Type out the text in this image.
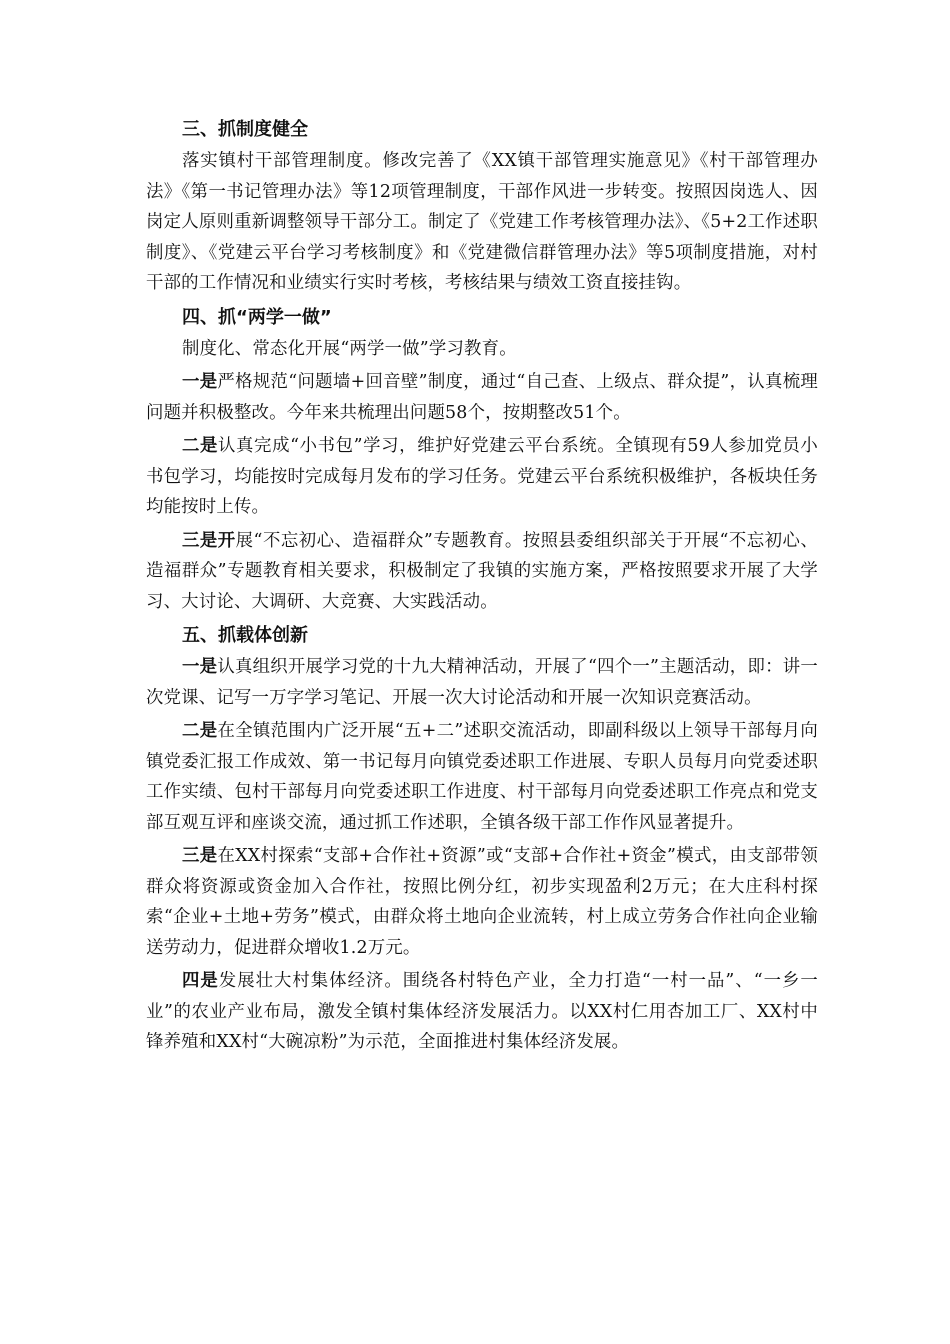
三、抓制度健全

落实镇村干部管理制度。修改完善了《XX镇干部管理实施意见》《村干部管理办法》《第一书记管理办法》等12项管理制度，干部作风进一步转变。按照因岗选人、因岗定人原则重新调整领导干部分工。制定了《党建工作考核管理办法》、《5+2工作述职制度》、《党建云平台学习考核制度》和《党建微信群管理办法》等5项制度措施，对村干部的工作情况和业绩实行实时考核，考核结果与绩效工资直接挂钩。

四、抓“两学一做”

制度化、常态化开展“两学一做”学习教育。

一是严格规范“问题墙+回音壁”制度，通过“自己查、上级点、群众提”，认真梳理问题并积极整改。今年来共梳理出问题58个，按期整改51个。

二是认真完成“小书包”学习，维护好党建云平台系统。全镇现有59人参加党员小书包学习，均能按时完成每月发布的学习任务。党建云平台系统积极维护，各板块任务均能按时上传。

三是开展“不忘初心、造福群众”专题教育。按照县委组织部关于开展“不忘初心、造福群众”专题教育相关要求，积极制定了我镇的实施方案，严格按照要求开展了大学习、大讨论、大调研、大竞赛、大实践活动。

五、抓载体创新

一是认真组织开展学习党的十九大精神活动，开展了“四个一”主题活动，即：讲一次党课、记写一万字学习笔记、开展一次大讨论活动和开展一次知识竞赛活动。

二是在全镇范围内广泛开展“五+二”述职交流活动，即副科级以上领导干部每月向镇党委汇报工作成效、第一书记每月向镇党委述职工作进展、专职人员每月向党委述职工作实绩、包村干部每月向党委述职工作进度、村干部每月向党委述职工作亮点和党支部互观互评和座谈交流，通过抓工作述职，全镇各级干部工作作风显著提升。

三是在XX村探索“支部+合作社+资源”或“支部+合作社+资金”模式，由支部带领群众将资源或资金加入合作社，按照比例分红，初步实现盈利2万元；在大庄科村探索“企业+土地+劳务”模式，由群众将土地向企业流转，村上成立劳务合作社向企业输送劳动力，促进群众增收1.2万元。

四是发展壮大村集体经济。围绕各村特色产业，全力打造“一村一品”、“一乡一业”的农业产业布局，激发全镇村集体经济发展活力。以XX村仁用杏加工厂、XX村中锋养殖和XX村“大碗凉粉”为示范，全面推进村集体经济发展。
